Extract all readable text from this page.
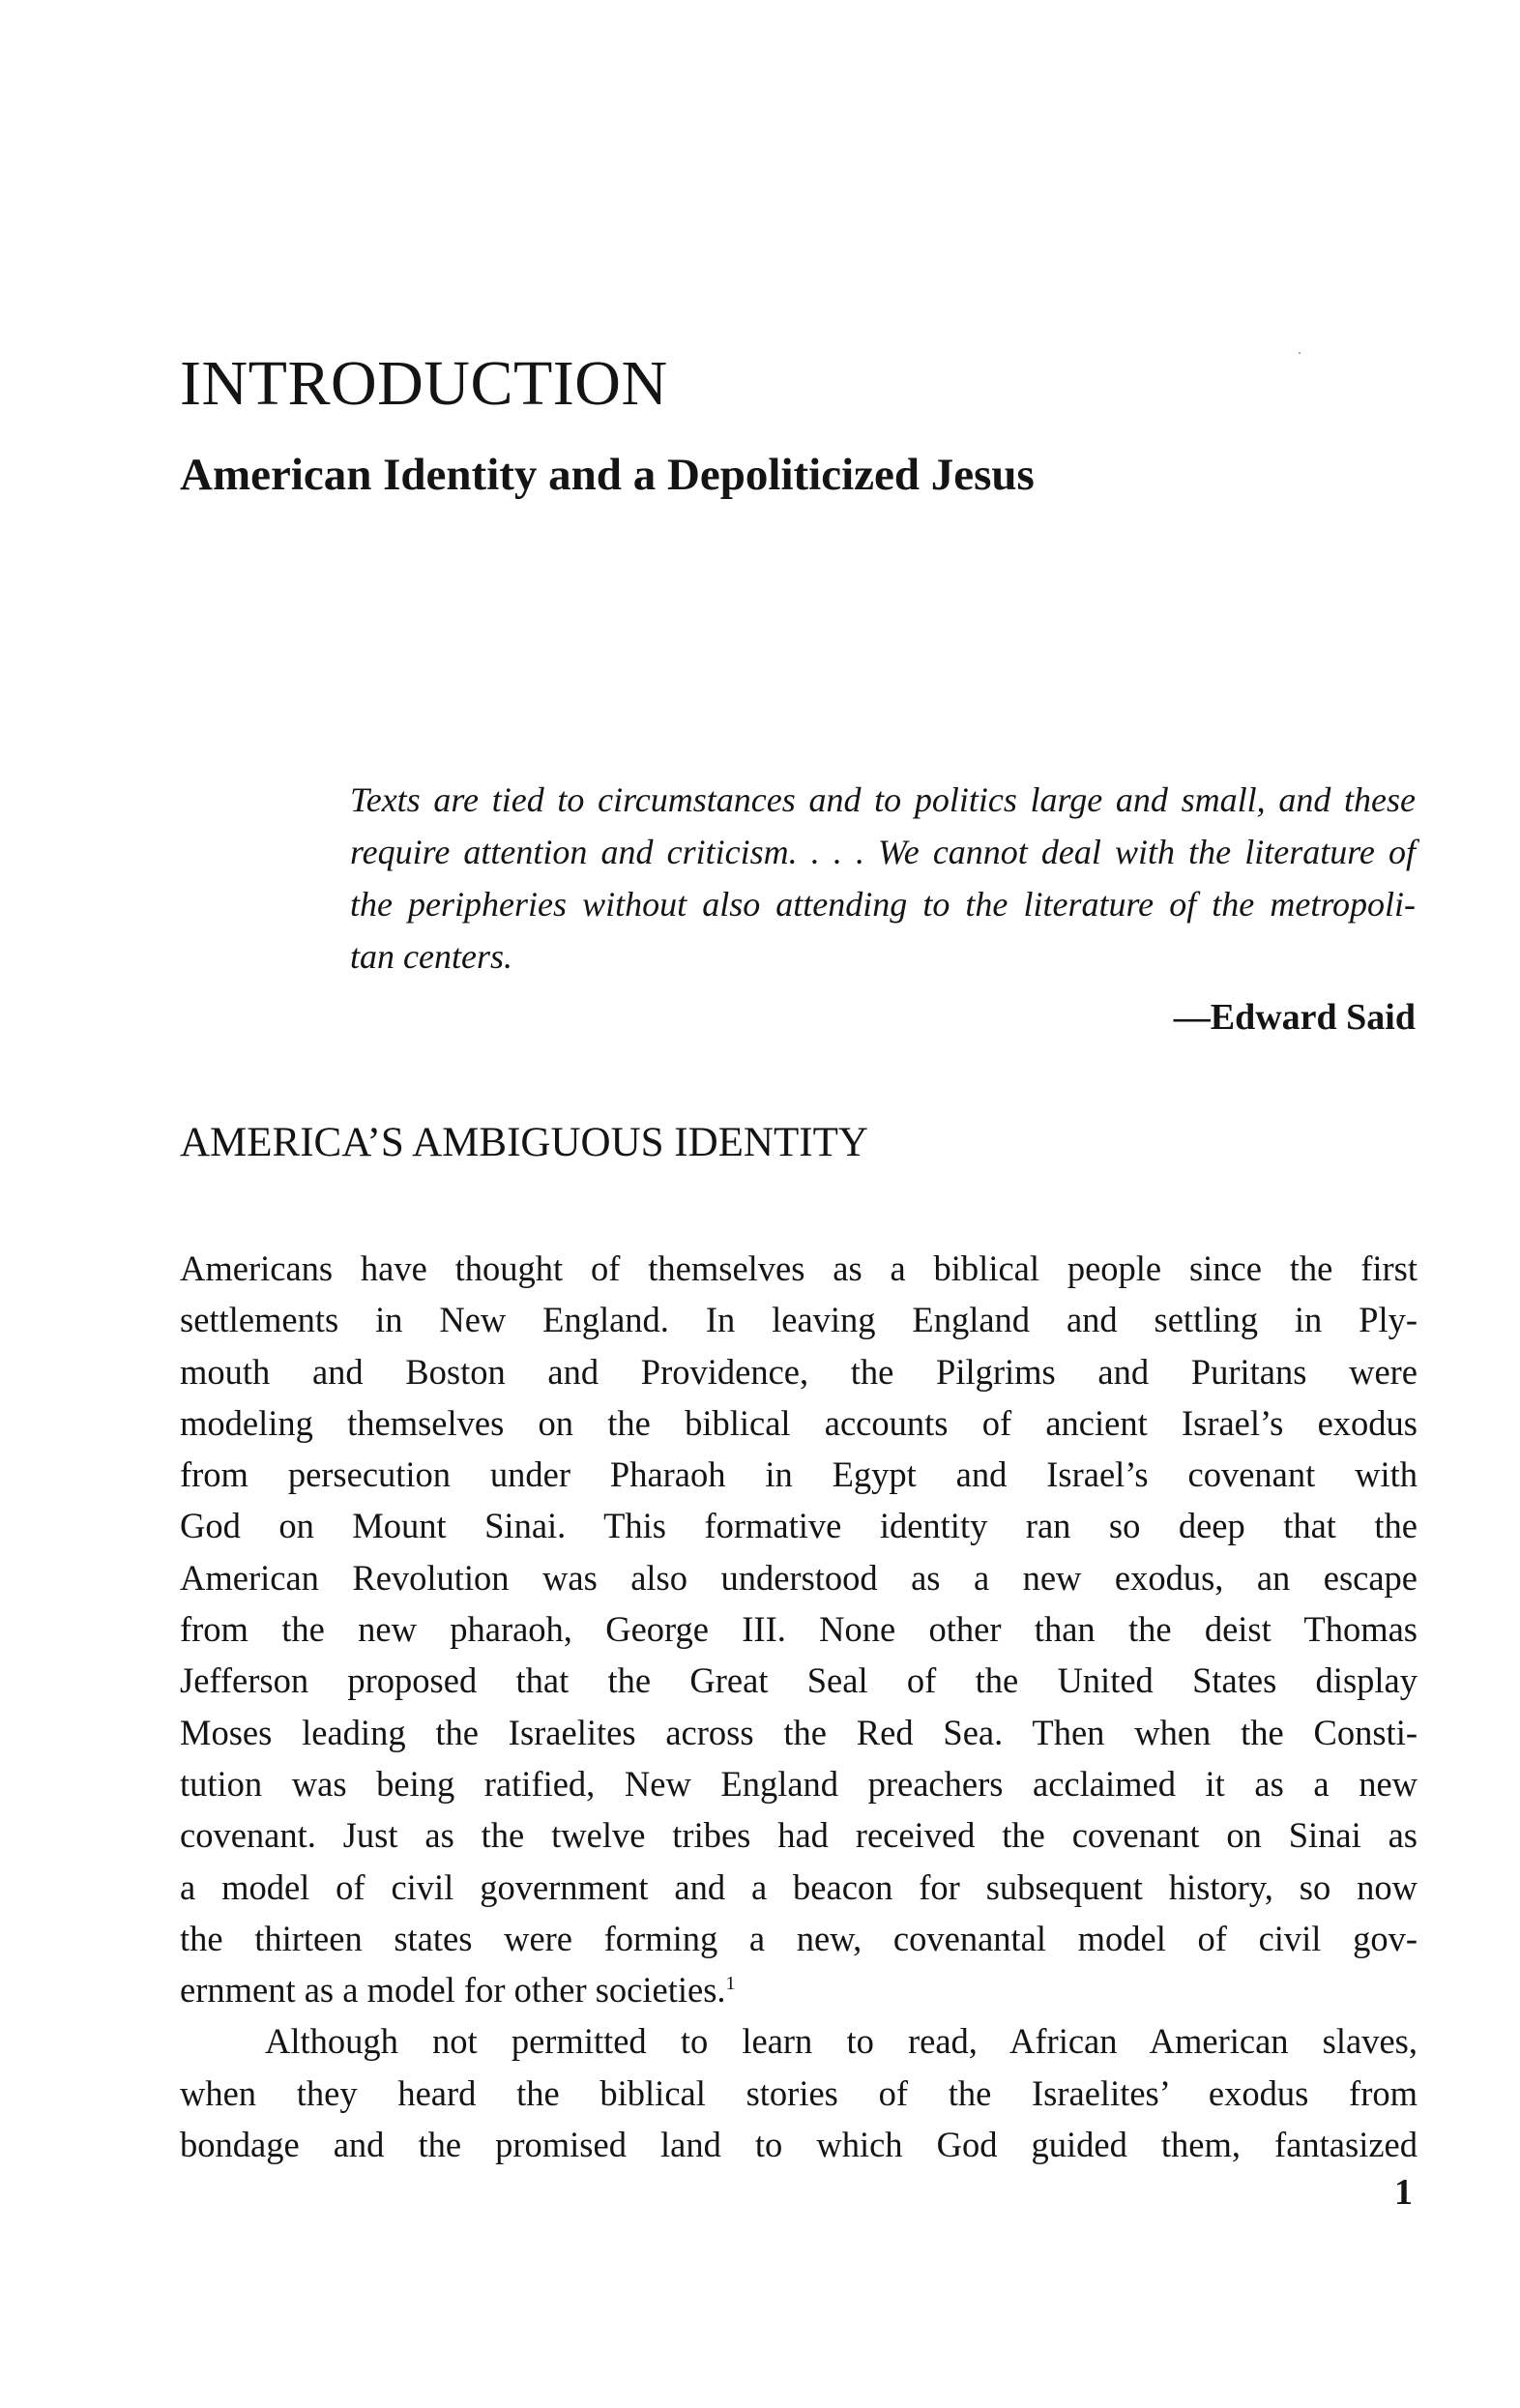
INTRODUCTION
American Identity and a Depoliticized Jesus
Texts are tied to circumstances and to politics large and small, and these
require attention and criticism. . . . We cannot deal with the literature of
the peripheries without also attending to the literature of the metropoli-
tan centers.

—Edward Said

AMERICA’S AMBIGUOUS IDENTITY
Americans have thought of themselves as a biblical people since the first
settlements in New England. In leaving England and settling in Ply-
mouth and Boston and Providence, the Pilgrims and Puritans were
modeling themselves on the biblical accounts of ancient Israel’s exodus
from persecution under Pharaoh in Egypt and Israel’s covenant with
God on Mount Sinai. This formative identity ran so deep that the
American Revolution was also understood as a new exodus, an escape
from the new pharaoh, George III. None other than the deist Thomas
Jefferson proposed that the Great Seal of the United States display
Moses leading the Israelites across the Red Sea. Then when the Consti-
tution was being ratified, New England preachers acclaimed it as a new
covenant. Just as the twelve tribes had received the covenant on Sinai as
a model of civil government and a beacon for subsequent history, so now
the thirteen states were forming a new, covenantal model of civil gov-
ernment as a model for other societies.$^1$
Although not permitted to learn to read, African American slaves,
when they heard the biblical stories of the Israelites’ exodus from
bondage and the promised land to which God guided them, fantasized

1
